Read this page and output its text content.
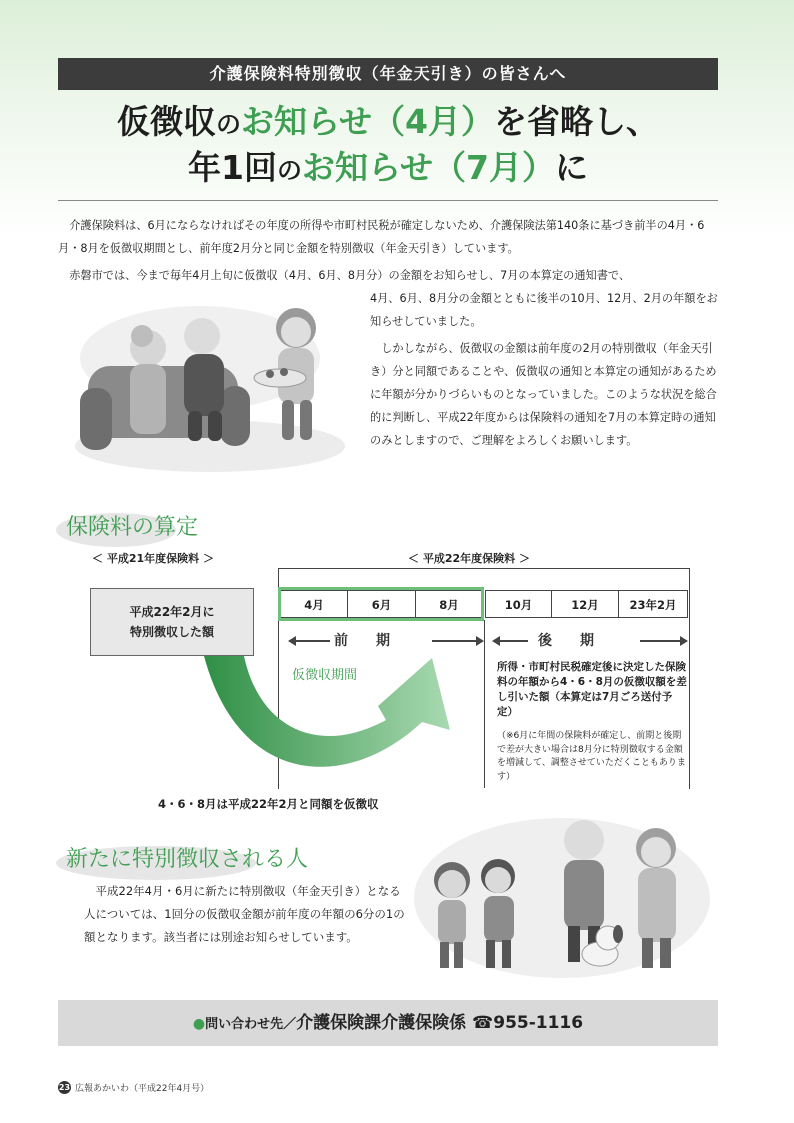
介護保険料特別徴収（年金天引き）の皆さんへ
仮徴収のお知らせ（4月）を省略し、
年1回のお知らせ（7月）に

介護保険料は、6月にならなければその年度の所得や市町村民税が確定しないため、介護保険法第140条に基づき前半の4月・6月・8月を仮徴収期間とし、前年度2月分と同じ金額を特別徴収（年金天引き）しています。

赤磐市では、今まで毎年4月上旬に仮徴収（4月、6月、8月分）の金額をお知らせし、7月の本算定の通知書で、

4月、6月、8月分の金額とともに後半の10月、12月、2月の年額をお知らせしていました。

しかしながら、仮徴収の金額は前年度の2月の特別徴収（年金天引き）分と同額であることや、仮徴収の通知と本算定の通知があるために年額が分かりづらいものとなっていました。このような状況を総合的に判断し、平成22年度からは保険料の通知を7月の本算定時の通知のみとしますので、ご理解をよろしくお願いします。

保険料の算定
＜ 平成21年度保険料 ＞	＜ 平成22年度保険料 ＞
平成22年2月に
特別徴収した額
4月	6月	8月	10月	12月	23年2月
前　　期	後　　期
仮徴収期間
所得・市町村民税確定後に決定した保険料の年額から4・6・8月の仮徴収額を差し引いた額（本算定は7月ごろ送付予定）
（※6月に年間の保険料が確定し、前期と後期で差が大きい場合は8月分に特別徴収する金額を増減して、調整させていただくこともあります）
4・6・8月は平成22年2月と同額を仮徴収
新たに特別徴収される人

平成22年4月・6月に新たに特別徴収（年金天引き）となる人については、1回分の仮徴収金額が前年度の年額の6分の1の額となります。該当者には別途お知らせしています。

●問い合わせ先／介護保険課介護保険係 ☎955-1116
23 広報あかいわ（平成22年4月号）
